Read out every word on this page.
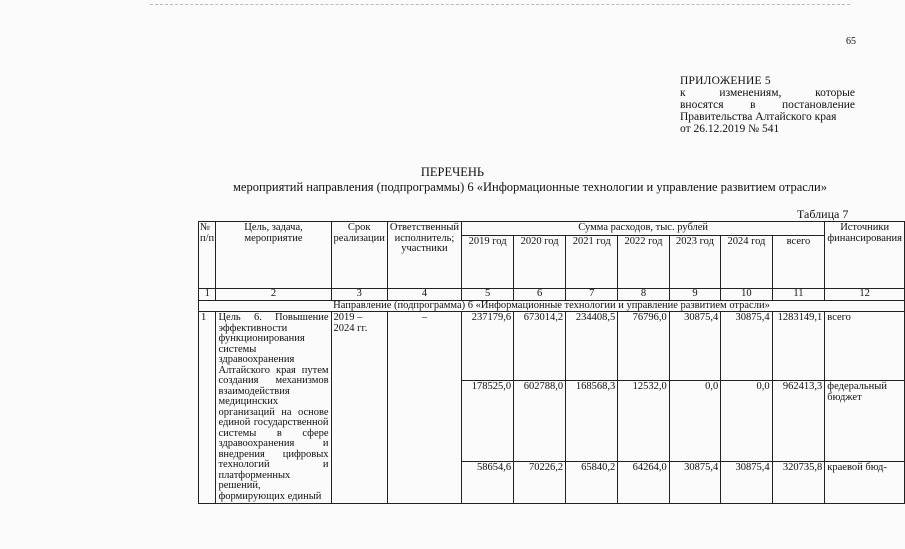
65
ПРИЛОЖЕНИЕ 5
к изменениям, которые
вносятся в постановление
Правительства Алтайского края
от 26.12.2019 № 541
ПЕРЕЧЕНЬ
мероприятий направления (подпрограммы) 6 «Информационные технологии и управление развитием отрасли»
Таблица 7
№ п/п	Цель, задача, мероприятие	Срок реализации	Ответственный исполнитель; участники	Сумма расходов, тыс. рублей							Источники финансирования
				2019 год	2020 год	2021 год	2022 год	2023 год	2024 год	всего	
1	2	3	4	5	6	7	8	9	10	11	12
Направление (подпрограмма) 6 «Информационные технологии и управление развитием отрасли»											
1	Цель 6. Повышение эффективности функционирования системы здравоохранения Алтайского края путем создания механизмов взаимодействия медицинских организаций на основе единой государственной системы в сфере здравоохранения и внедрения цифровых технологий и платформенных решений, формирующих единый	2019 – 2024 гг.	–	237179,6	673014,2	234408,5	76796,0	30875,4	30875,4	1283149,1	всего
				178525,0	602788,0	168568,3	12532,0	0,0	0,0	962413,3	федеральный бюджет
				58654,6	70226,2	65840,2	64264,0	30875,4	30875,4	320735,8	краевой бюд-
